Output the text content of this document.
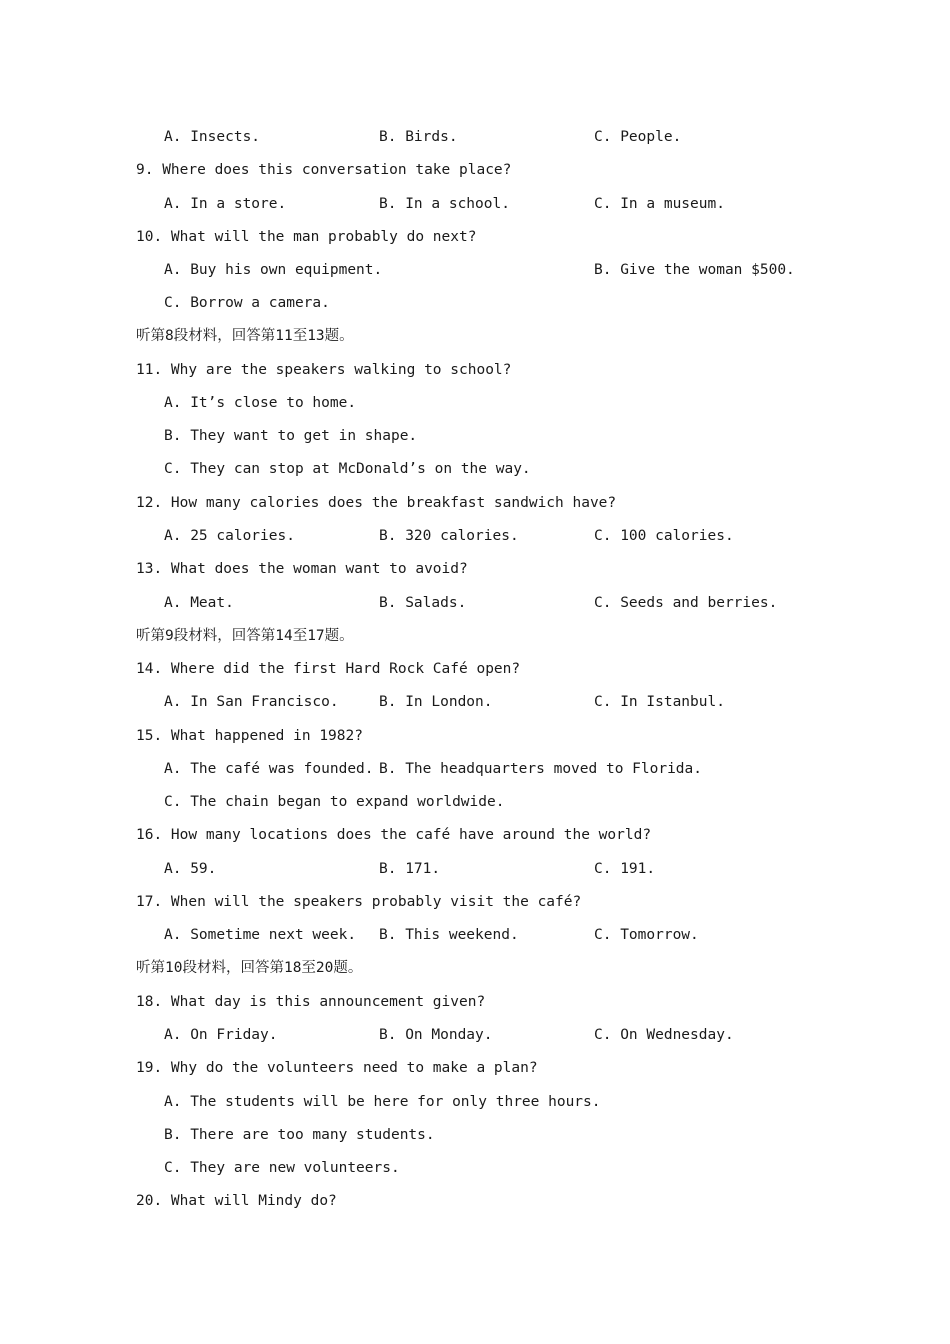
A. Insects.	B. Birds.	C. People.
9. Where does this conversation take place?
A. In a store.	B. In a school.	C. In a museum.
10. What will the man probably do next?
A. Buy his own equipment.	B. Give the woman $500.
C. Borrow a camera.
听第8段材料，回答第11至13题。
11. Why are the speakers walking to school?
A. It’s close to home.
B. They want to get in shape.
C. They can stop at McDonald’s on the way.
12. How many calories does the breakfast sandwich have?
A. 25 calories.	B. 320 calories.	C. 100 calories.
13. What does the woman want to avoid?
A. Meat.	B. Salads.	C. Seeds and berries.
听第9段材料，回答第14至17题。
14. Where did the first Hard Rock Café open?
A. In San Francisco.	B. In London.	C. In Istanbul.
15. What happened in 1982?
A. The café was founded. B. The headquarters moved to Florida.
C. The chain began to expand worldwide.
16. How many locations does the café have around the world?
A. 59.	B. 171.	C. 191.
17. When will the speakers probably visit the café?
A. Sometime next week. B. This weekend.	C. Tomorrow.
听第10段材料，回答第18至20题。
18. What day is this announcement given?
A. On Friday.	B. On Monday.	C. On Wednesday.
19. Why do the volunteers need to make a plan?
A. The students will be here for only three hours.
B. There are too many students.
C. They are new volunteers.
20. What will Mindy do?
